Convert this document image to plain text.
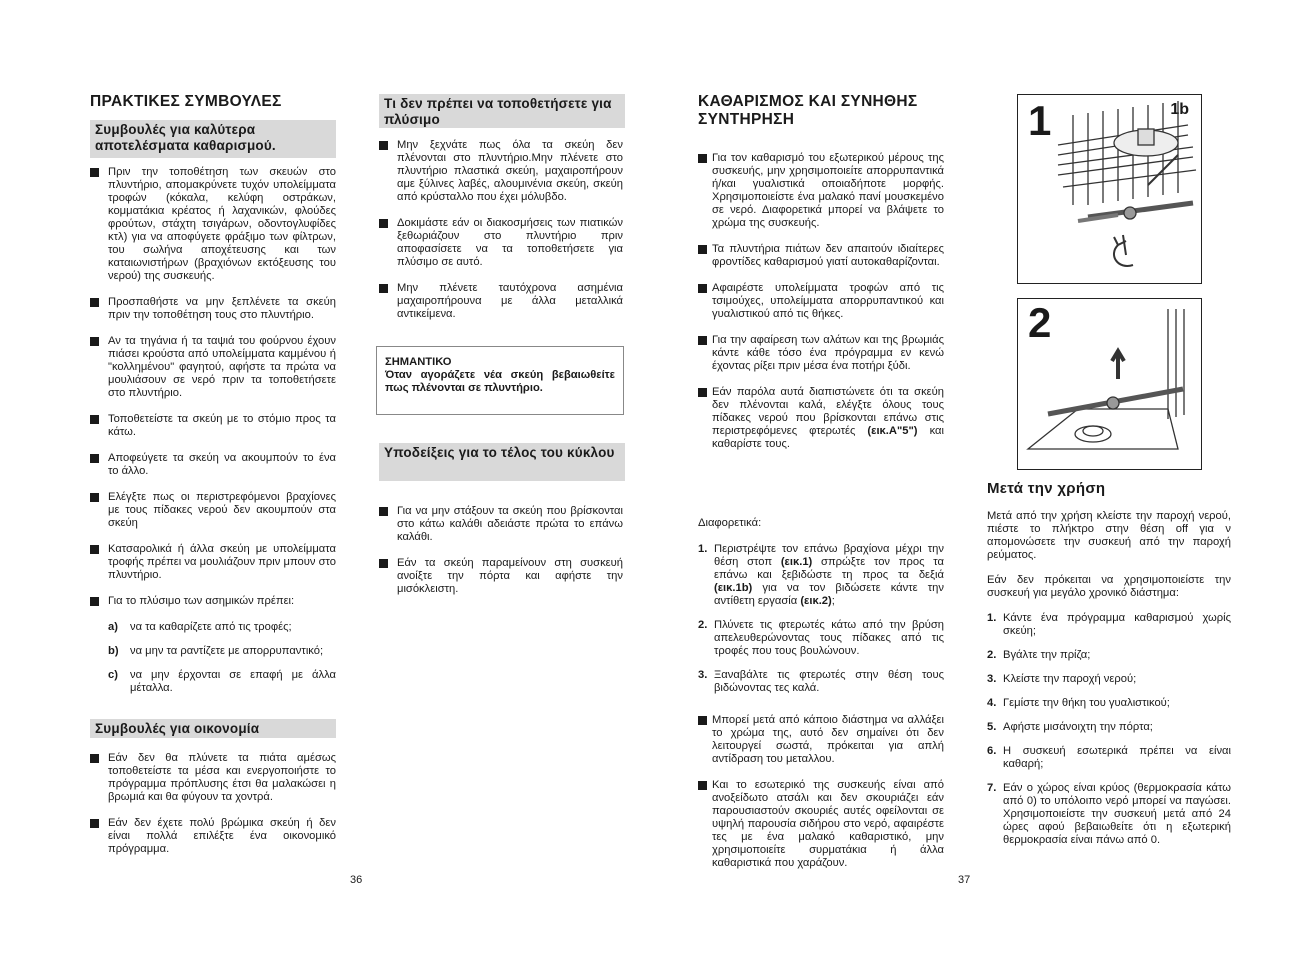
ΠΡΑΚΤΙΚΕΣ ΣΥΜΒΟΥΛΕΣ
Συμβουλές για καλύτερα αποτελέσματα καθαρισμού.
Πριν την τοποθέτηση των σκευών στο πλυντήριο, απομακρύνετε τυχόν υπολείμματα τροφών (κόκαλα, κελύφη οστράκων, κομματάκια κρέατος ή λαχανικών, φλούδες φρούτων, στάχτη τσιγάρων, οδοντογλυφίδες κτλ) για να αποφύγετε φράξιμο των φίλτρων, του σωλήνα αποχέτευσης και των καταιωνιστήρων (βραχιόνων εκτόξευσης του νερού) της συσκευής.
Προσπαθήστε να μην ξεπλένετε τα σκεύη πριν την τοποθέτηση τους στο πλυντήριο.
Αν τα τηγάνια ή τα ταψιά του φούρνου έχουν πιάσει κρούστα από υπολείμματα καμμένου ή "κολλημένου" φαγητού, αφήστε τα πρώτα να μουλιάσουν σε νερό πριν τα τοποθετήσετε στο πλυντήριο.
Τοποθετείστε τα σκεύη με το στόμιο προς τα κάτω.
Αποφεύγετε τα σκεύη να ακουμπούν το ένα το άλλο.
Ελέγξτε πως οι περιστρεφόμενοι βραχίονες με τους πίδακες νερού δεν ακουμπούν στα σκεύη
Κατσαρολικά ή άλλα σκεύη με υπολείμματα τροφής πρέπει να μουλιάζουν πριν μπουν στο πλυντήριο.
Για το πλύσιμο των ασημικών πρέπει:
a) να τα καθαρίζετε από τις τροφές;
b) να μην τα ραντίζετε με απορρυπαντικό;
c) να μην έρχονται σε επαφή με άλλα μέταλλα.
Συμβουλές για οικονομία
Εάν δεν θα πλύνετε τα πιάτα αμέσως τοποθετείστε τα μέσα και ενεργοποιήστε το πρόγραμμα πρόπλυσης έτσι θα μαλακώσει η βρωμιά και θα φύγουν τα χοντρά.
Εάν δεν έχετε πολύ βρώμικα σκεύη ή δεν είναι πολλά επιλέξτε ένα οικονομικό πρόγραμμα.
Τι δεν πρέπει να τοποθετήσετε για πλύσιμο
Μην ξεχνάτε πως όλα τα σκεύη δεν πλένονται στο πλυντήριο.Μην πλένετε στο πλυντήριο πλαστικά σκεύη, μαχαιροπήρουν αμε ξύλινες λαβές, αλουμινένια σκεύη, σκεύη από κρύσταλλο που έχει μόλυβδο.
Δοκιμάστε εάν οι διακοσμήσεις των πιατικών ξεθωριάζουν στο πλυντήριο πριν αποφασίσετε να τα τοποθετήσετε για πλύσιμο σε αυτό.
Μην πλένετε ταυτόχρονα ασημένια μαχαιροπήρουνα με άλλα μεταλλικά αντικείμενα.
ΣΗΜΑΝΤΙΚΟ
Όταν αγοράζετε νέα σκεύη βεβαιωθείτε πως πλένονται σε πλυντήριο.
Υποδείξεις για το τέλος του κύκλου
Για να μην στάξουν τα σκεύη που βρίσκονται στο κάτω καλάθι αδειάστε πρώτα το επάνω καλάθι.
Εάν τα σκεύη παραμείνουν στη συσκευή ανοίξτε την πόρτα και αφήστε την μισόκλειστη.
36
ΚΑΘΑΡΙΣΜΟΣ ΚΑΙ ΣΥΝΗΘΗΣ ΣΥΝΤΗΡΗΣΗ
Για τον καθαρισμό του εξωτερικού μέρους της συσκευής, μην χρησιμοποιείτε απορρυπαντικά ή/και γυαλιστικά οποιαδήποτε μορφής. Χρησιμοποιείστε ένα μαλακό πανί μουσκεμένο σε νερό. Διαφορετικά μπορεί να βλάψετε το χρώμα της συσκευής.
Τα πλυντήρια πιάτων δεν απαιτούν ιδιαίτερες φροντίδες καθαρισμού γιατί αυτοκαθαρίζονται.
Αφαιρέστε υπολείμματα τροφών από τις τσιμούχες, υπολείμματα απορρυπαντικού και γυαλιστικού από τις θήκες.
Για την αφαίρεση των αλάτων και της βρωμιάς κάντε κάθε τόσο ένα πρόγραμμα εν κενώ έχοντας ρίξει πριν μέσα ένα ποτήρι ξύδι.
Εάν παρόλα αυτά διαπιστώνετε ότι τα σκεύη δεν πλένονται καλά, ελέγξτε όλους τους πίδακες νερού που βρίσκονται επάνω στις περιστρεφόμενες φτερωτές (εικ.A"5") και καθαρίστε τους.
Διαφορετικά:
1. Περιστρέψτε τον επάνω βραχίονα μέχρι την θέση στοπ (εικ.1) σπρώξτε τον προς τα επάνω και ξεβιδώστε τη προς τα δεξιά (εικ.1b) για να τον βιδώσετε κάντε την αντίθετη εργασία (εικ.2);
2. Πλύνετε τις φτερωτές κάτω από την βρύση απελευθερώνοντας τους πίδακες από τις τροφές που τους βουλώνουν.
3. Ξαναβάλτε τις φτερωτές στην θέση τους βιδώνοντας τες καλά.
Μπορεί μετά από κάποιο διάστημα να αλλάξει το χρώμα της, αυτό δεν σημαίνει ότι δεν λειτουργεί σωστά, πρόκειται για απλή αντίδραση του μεταλλου.
Και το εσωτερικό της συσκευής είναι από ανοξείδωτο ατσάλι και δεν σκουριάζει εάν παρουσιαστούν σκουριές αυτές οφείλονται σε υψηλή παρουσία σιδήρου στο νερό, αφαιρέστε τες με ένα μαλακό καθαριστικό, μην χρησιμοποιείτε συρματάκια ή άλλα καθαριστικά που χαράζουν.
37
1	1b
2
Μετά την χρήση
Μετά από την χρήση κλείστε την παροχή νερού, πιέστε το πλήκτρο στην θέση off για ν απομονώσετε την συσκευή από την παροχή ρεύματος.
Εάν δεν πρόκειται να χρησιμοποιείστε την συσκευή για μεγάλο χρονικό διάστημα:
1. Κάντε ένα πρόγραμμα καθαρισμού χωρίς σκεύη;
2. Βγάλτε την πρίζα;
3. Κλείστε την παροχή νερού;
4. Γεμίστε την θήκη του γυαλιστικού;
5. Αφήστε μισάνοιχτη την πόρτα;
6. Η συσκευή εσωτερικά πρέπει να είναι καθαρή;
7. Εάν ο χώρος είναι κρύος (θερμοκρασία κάτω από 0) το υπόλοιπο νερό μπορεί να παγώσει. Χρησιμοποιείστε την συσκευή μετά από 24 ώρες αφού βεβαιωθείτε ότι η εξωτερική θερμοκρασία είναι πάνω από 0.
